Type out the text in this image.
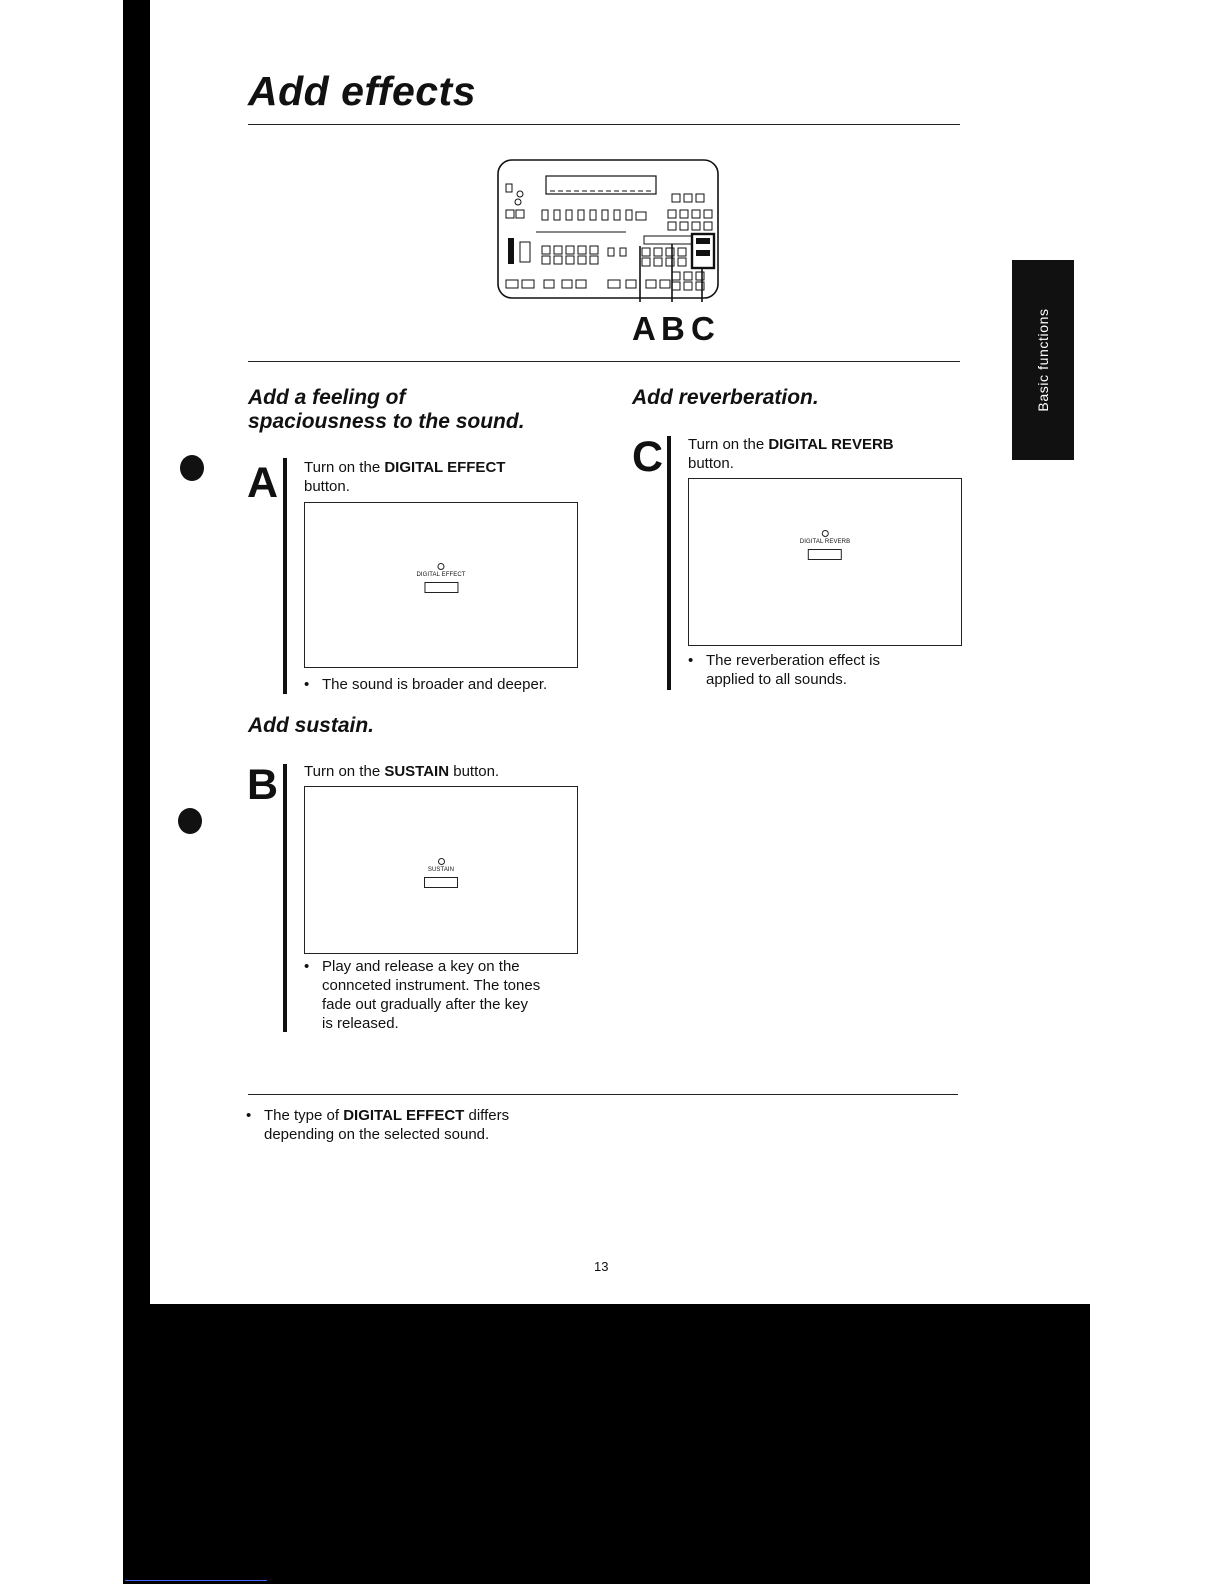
Add effects
Basic functions
A B C
Add a feeling of
spaciousness to the sound.
A Turn on the DIGITAL EFFECT
button.
DIGITAL EFFECT
• The sound is broader and deeper.
Add sustain.
B Turn on the SUSTAIN button.
SUSTAIN
• Play and release a key on the
connceted instrument. The tones
fade out gradually after the key
is released.
Add reverberation.
C Turn on the DIGITAL REVERB
button.
DIGITAL REVERB
• The reverberation effect is
applied to all sounds.
• The type of DIGITAL EFFECT differs
depending on the selected sound.
13
